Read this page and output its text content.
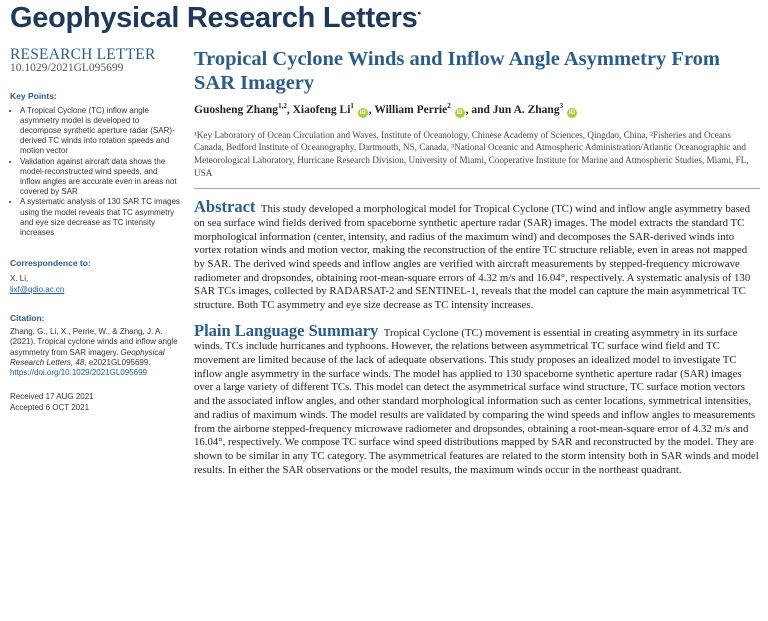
Geophysical Research Letters•
RESEARCH LETTER
10.1029/2021GL095699
Key Points:
• A Tropical Cyclone (TC) inflow angle asymmetry model is developed to decompose synthetic aperture radar (SAR)-derived TC winds into rotation speeds and motion vector
• Validation against aircraft data shows the model-reconstructed wind speeds, and inflow angles are accurate even in areas not covered by SAR
• A systematic analysis of 130 SAR TC images using the model reveals that TC asymmetry and eye size decrease as TC intensity increases
Correspondence to:
X. Li,
lixf@qdio.ac.cn
Citation:
Zhang, G., Li, X., Perrie, W., & Zhang, J. A. (2021). Tropical cyclone winds and inflow angle asymmetry from SAR imagery. Geophysical Research Letters, 48, e2021GL095699. https://doi.org/10.1029/2021GL095699
Received 17 AUG 2021
Accepted 6 OCT 2021
Tropical Cyclone Winds and Inflow Angle Asymmetry From SAR Imagery
Guosheng Zhang$^{1,2}$, Xiaofeng Li$^1$ iD , William Perrie$^2$ iD , and Jun A. Zhang$^3$ iD
¹Key Laboratory of Ocean Circulation and Waves, Institute of Oceanology, Chinese Academy of Sciences, Qingdao, China, ²Fisheries and Oceans Canada, Bedford Institute of Oceanography, Dartmouth, NS, Canada, ³National Oceanic and Atmospheric Administration/Atlantic Oceanographic and Meteorological Laboratory, Hurricane Research Division, University of Miami, Cooperative Institute for Marine and Atmospheric Studies, Miami, FL, USA

Abstract This study developed a morphological model for Tropical Cyclone (TC) wind and inflow angle asymmetry based on sea surface wind fields derived from spaceborne synthetic aperture radar (SAR) images. The model extracts the standard TC morphological information (center, intensity, and radius of the maximum wind) and decomposes the SAR-derived winds into vortex rotation winds and motion vector, making the reconstruction of the entire TC structure reliable, even in areas not mapped by SAR. The derived wind speeds and inflow angles are verified with aircraft measurements by stepped-frequency microwave radiometer and dropsondes, obtaining root-mean-square errors of 4.32 m/s and 16.04°, respectively. A systematic analysis of 130 SAR TCs images, collected by RADARSAT-2 and SENTINEL-1, reveals that the model can capture the main asymmetrical TC structure. Both TC asymmetry and eye size decrease as TC intensity increases.

Plain Language Summary Tropical Cyclone (TC) movement is essential in creating asymmetry in its surface winds. TCs include hurricanes and typhoons. However, the relations between asymmetrical TC surface wind field and TC movement are limited because of the lack of adequate observations. This study proposes an idealized model to investigate TC inflow angle asymmetry in the surface winds. The model has applied to 130 spaceborne synthetic aperture radar (SAR) images over a large variety of different TCs. This model can detect the asymmetrical surface wind structure, TC surface motion vectors and the associated inflow angles, and other standard morphological information such as center locations, symmetrical intensities, and radius of maximum winds. The model results are validated by comparing the wind speeds and inflow angles to measurements from the airborne stepped-frequency microwave radiometer and dropsondes, obtaining a root-mean-square error of 4.32 m/s and 16.04°, respectively. We compose TC surface wind speed distributions mapped by SAR and reconstructed by the model. They are shown to be similar in any TC category. The asymmetrical features are related to the storm intensity both in SAR winds and model results. In either the SAR observations or the model results, the maximum winds occur in the northeast quadrant.
